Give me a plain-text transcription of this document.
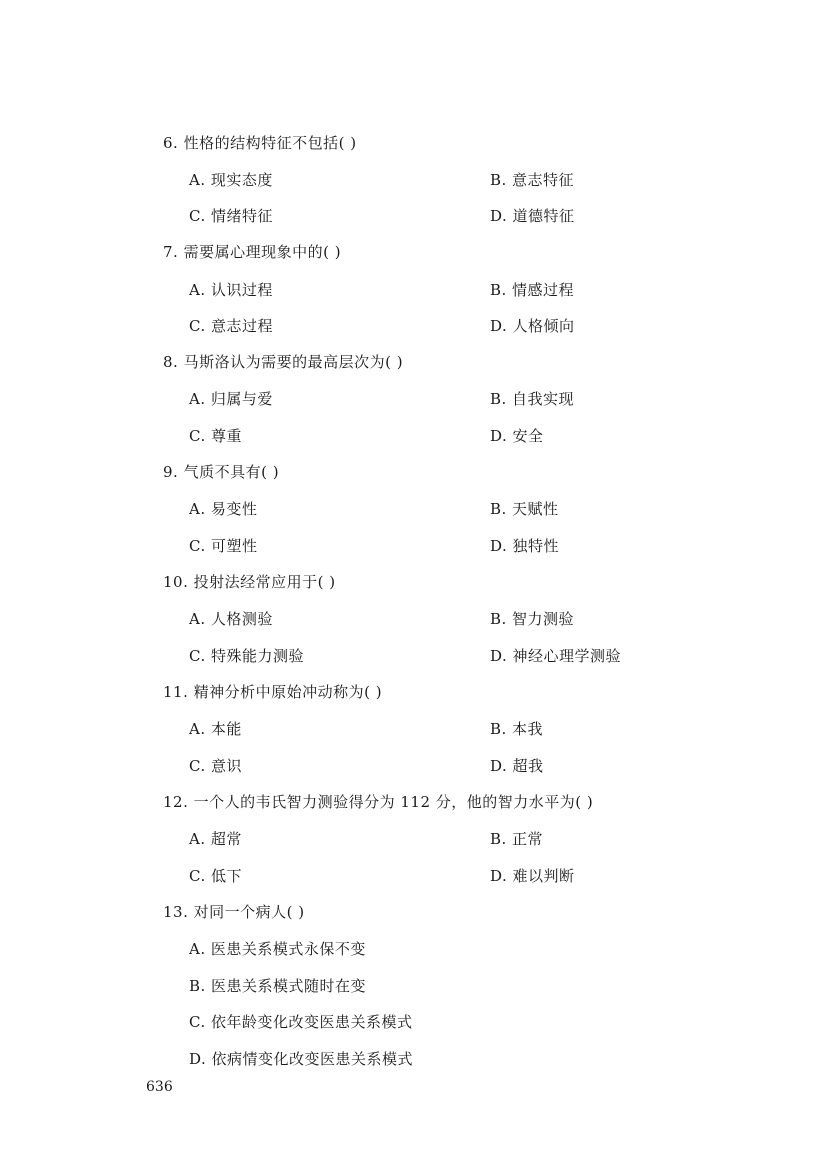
6. 性格的结构特征不包括( )
A. 现实态度	B. 意志特征
C. 情绪特征	D. 道德特征
7. 需要属心理现象中的( )
A. 认识过程	B. 情感过程
C. 意志过程	D. 人格倾向
8. 马斯洛认为需要的最高层次为( )
A. 归属与爱	B. 自我实现
C. 尊重	D. 安全
9. 气质不具有( )
A. 易变性	B. 天赋性
C. 可塑性	D. 独特性
10. 投射法经常应用于( )
A. 人格测验	B. 智力测验
C. 特殊能力测验	D. 神经心理学测验
11. 精神分析中原始冲动称为( )
A. 本能	B. 本我
C. 意识	D. 超我
12. 一个人的韦氏智力测验得分为 112 分，他的智力水平为( )
A. 超常	B. 正常
C. 低下	D. 难以判断
13. 对同一个病人( )
A. 医患关系模式永保不变
B. 医患关系模式随时在变
C. 依年龄变化改变医患关系模式
D. 依病情变化改变医患关系模式
636
